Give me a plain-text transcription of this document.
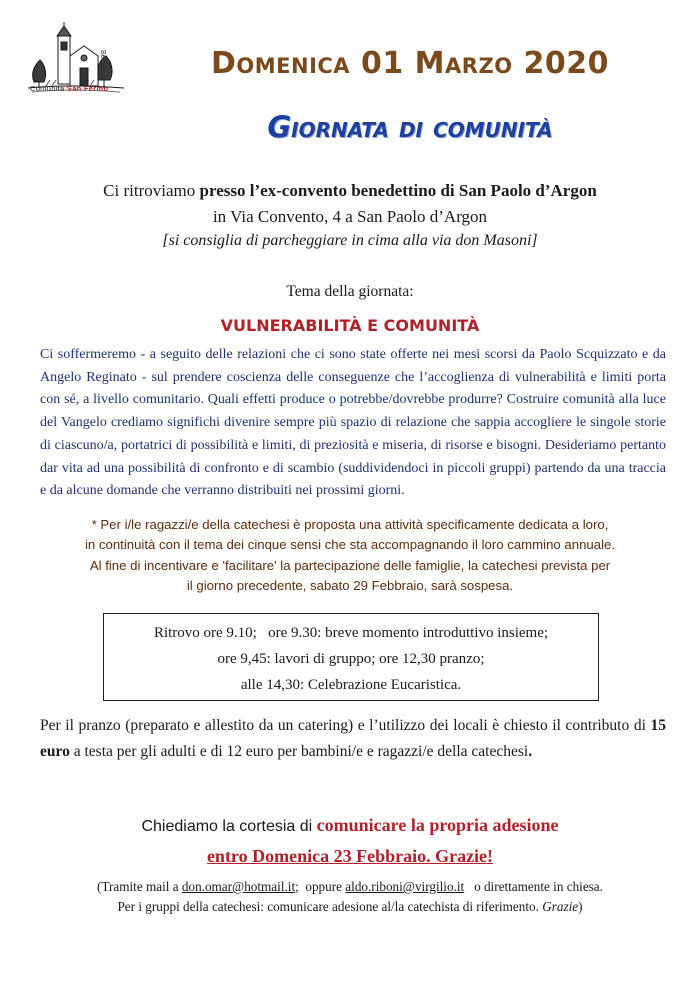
Comunità San Fermo
Bergamo	Domenica 01 Marzo 2020
Giornata di comunità
Ci ritroviamo presso l’ex-convento benedettino di San Paolo d’Argon
in Via Convento, 4 a San Paolo d’Argon
[si consiglia di parcheggiare in cima alla via don Masoni]
Tema della giornata:
VULNERABILITÀ E COMUNITÀ
Ci soffermeremo - a seguito delle relazioni che ci sono state offerte nei mesi scorsi da Paolo Scquizzato e da Angelo Reginato - sul prendere coscienza delle conseguenze che l’accoglienza di vulnerabilità e limiti porta con sé, a livello comunitario. Quali effetti produce o potrebbe/dovrebbe produrre? Costruire comunità alla luce del Vangelo crediamo significhi divenire sempre più spazio di relazione che sappia accogliere le singole storie di ciascuno/a, portatrici di possibilità e limiti, di preziosità e miseria, di risorse e bisogni. Desideriamo pertanto dar vita ad una possibilità di confronto e di scambio (suddividendoci in piccoli gruppi) partendo da una traccia e da alcune domande che verranno distribuiti nei prossimi giorni.
* Per i/le ragazzi/e della catechesi è proposta una attività specificamente dedicata a loro,
in continuità con il tema dei cinque sensi che sta accompagnando il loro cammino annuale.
Al fine di incentivare e 'facilitare' la partecipazione delle famiglie, la catechesi prevista per
il giorno precedente, sabato 29 Febbraio, sarà sospesa.
Ritrovo ore 9.10;   ore 9.30: breve momento introduttivo insieme;
ore 9,45: lavori di gruppo; ore 12,30 pranzo;
alle 14,30: Celebrazione Eucaristica.
Per il pranzo (preparato e allestito da un catering) e l’utilizzo dei locali è chiesto il contributo di 15 euro a testa per gli adulti e di 12 euro per bambini/e e ragazzi/e della catechesi.
Chiediamo la cortesia di comunicare la propria adesione
entro Domenica 23 Febbraio. Grazie!
(Tramite mail a don.omar@hotmail.it;  oppure aldo.riboni@virgilio.it   o direttamente in chiesa.
Per i gruppi della catechesi: comunicare adesione al/la catechista di riferimento. Grazie)
